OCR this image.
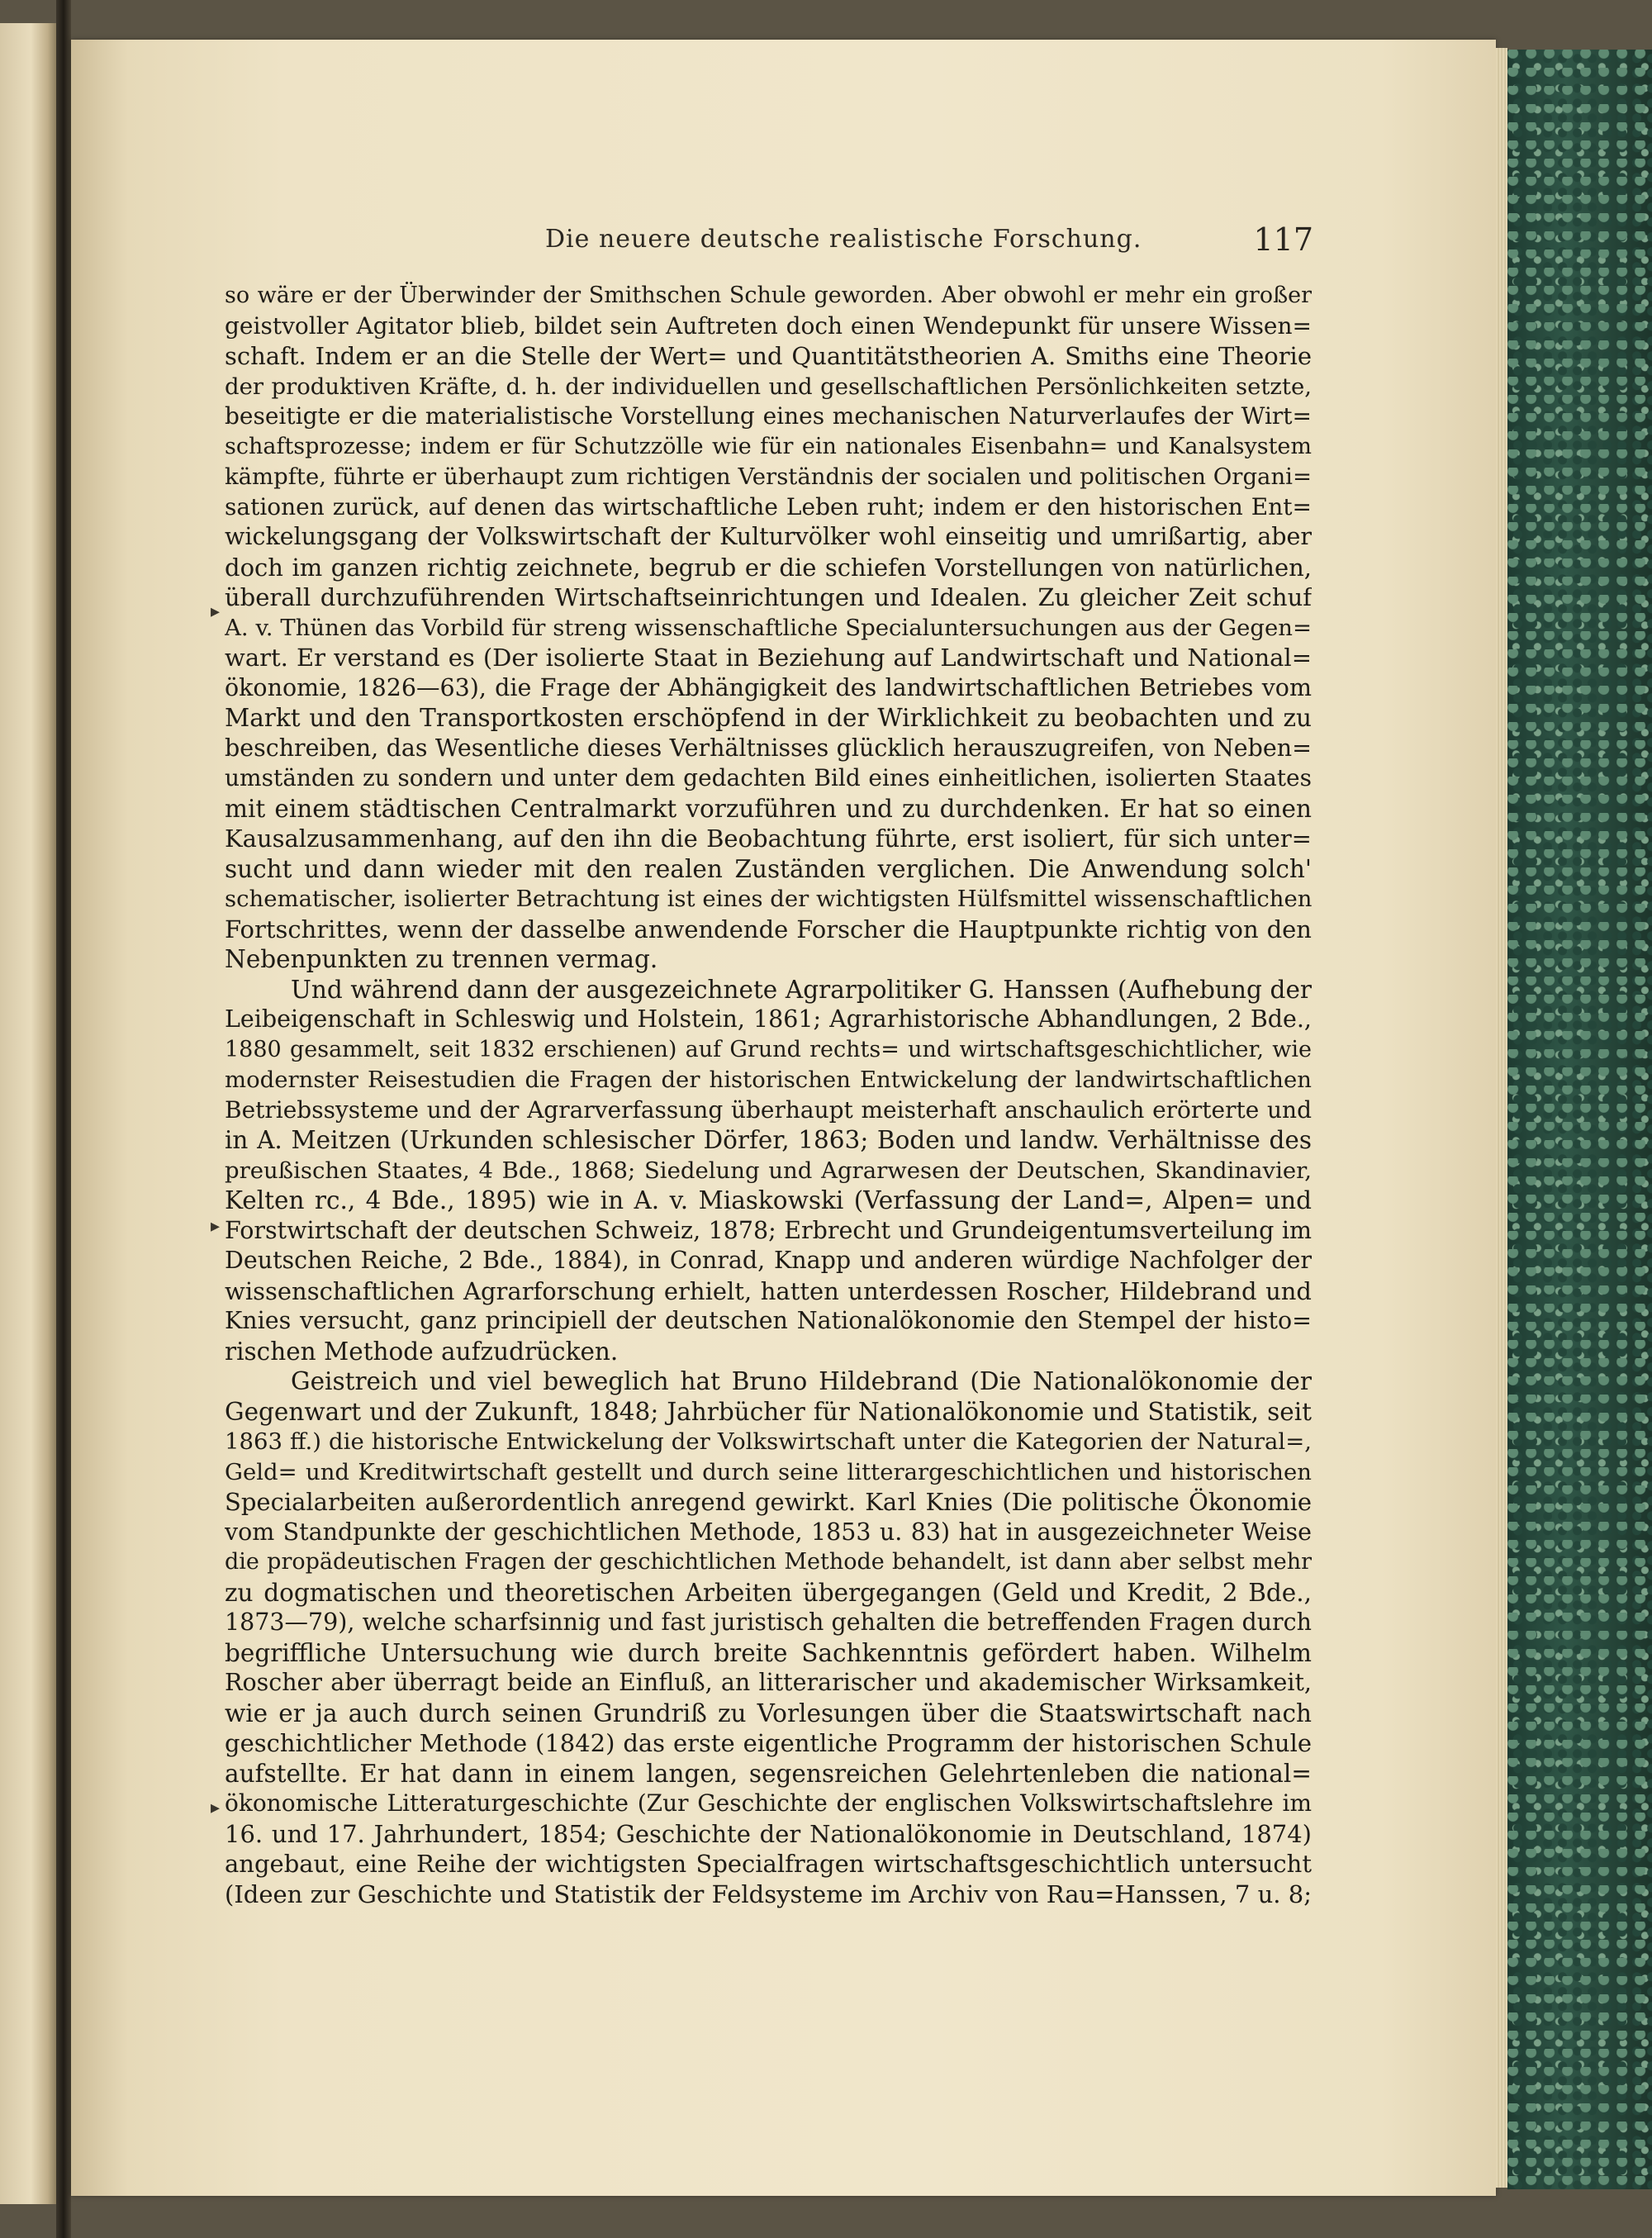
Die neuere deutsche realistische Forschung.	117
▸
▸
▸
so wäre er der Überwinder der Smithschen Schule geworden. Aber obwohl er mehr ein großer
geistvoller Agitator blieb, bildet sein Auftreten doch einen Wendepunkt für unsere Wissen=
schaft. Indem er an die Stelle der Wert= und Quantitätstheorien A. Smiths eine Theorie
der produktiven Kräfte, d. h. der individuellen und gesellschaftlichen Persönlichkeiten setzte,
beseitigte er die materialistische Vorstellung eines mechanischen Naturverlaufes der Wirt=
schaftsprozesse; indem er für Schutzzölle wie für ein nationales Eisenbahn= und Kanalsystem
kämpfte, führte er überhaupt zum richtigen Verständnis der socialen und politischen Organi=
sationen zurück, auf denen das wirtschaftliche Leben ruht; indem er den historischen Ent=
wickelungsgang der Volkswirtschaft der Kulturvölker wohl einseitig und umrißartig, aber
doch im ganzen richtig zeichnete, begrub er die schiefen Vorstellungen von natürlichen,
überall durchzuführenden Wirtschaftseinrichtungen und Idealen. Zu gleicher Zeit schuf
A. v. Thünen das Vorbild für streng wissenschaftliche Specialuntersuchungen aus der Gegen=
wart. Er verstand es (Der isolierte Staat in Beziehung auf Landwirtschaft und National=
ökonomie, 1826—63), die Frage der Abhängigkeit des landwirtschaftlichen Betriebes vom
Markt und den Transportkosten erschöpfend in der Wirklichkeit zu beobachten und zu
beschreiben, das Wesentliche dieses Verhältnisses glücklich herauszugreifen, von Neben=
umständen zu sondern und unter dem gedachten Bild eines einheitlichen, isolierten Staates
mit einem städtischen Centralmarkt vorzuführen und zu durchdenken. Er hat so einen
Kausalzusammenhang, auf den ihn die Beobachtung führte, erst isoliert, für sich unter=
sucht und dann wieder mit den realen Zuständen verglichen. Die Anwendung solch'
schematischer, isolierter Betrachtung ist eines der wichtigsten Hülfsmittel wissenschaftlichen
Fortschrittes, wenn der dasselbe anwendende Forscher die Hauptpunkte richtig von den
Nebenpunkten zu trennen vermag.
Und während dann der ausgezeichnete Agrarpolitiker G. Hanssen (Aufhebung der
Leibeigenschaft in Schleswig und Holstein, 1861; Agrarhistorische Abhandlungen, 2 Bde.,
1880 gesammelt, seit 1832 erschienen) auf Grund rechts= und wirtschaftsgeschichtlicher, wie
modernster Reisestudien die Fragen der historischen Entwickelung der landwirtschaftlichen
Betriebssysteme und der Agrarverfassung überhaupt meisterhaft anschaulich erörterte und
in A. Meitzen (Urkunden schlesischer Dörfer, 1863; Boden und landw. Verhältnisse des
preußischen Staates, 4 Bde., 1868; Siedelung und Agrarwesen der Deutschen, Skandinavier,
Kelten rc., 4 Bde., 1895) wie in A. v. Miaskowski (Verfassung der Land=, Alpen= und
Forstwirtschaft der deutschen Schweiz, 1878; Erbrecht und Grundeigentumsverteilung im
Deutschen Reiche, 2 Bde., 1884), in Conrad, Knapp und anderen würdige Nachfolger der
wissenschaftlichen Agrarforschung erhielt, hatten unterdessen Roscher, Hildebrand und
Knies versucht, ganz principiell der deutschen Nationalökonomie den Stempel der histo=
rischen Methode aufzudrücken.
Geistreich und viel beweglich hat Bruno Hildebrand (Die Nationalökonomie der
Gegenwart und der Zukunft, 1848; Jahrbücher für Nationalökonomie und Statistik, seit
1863 ff.) die historische Entwickelung der Volkswirtschaft unter die Kategorien der Natural=,
Geld= und Kreditwirtschaft gestellt und durch seine litterargeschichtlichen und historischen
Specialarbeiten außerordentlich anregend gewirkt. Karl Knies (Die politische Ökonomie
vom Standpunkte der geschichtlichen Methode, 1853 u. 83) hat in ausgezeichneter Weise
die propädeutischen Fragen der geschichtlichen Methode behandelt, ist dann aber selbst mehr
zu dogmatischen und theoretischen Arbeiten übergegangen (Geld und Kredit, 2 Bde.,
1873—79), welche scharfsinnig und fast juristisch gehalten die betreffenden Fragen durch
begriffliche Untersuchung wie durch breite Sachkenntnis gefördert haben. Wilhelm
Roscher aber überragt beide an Einfluß, an litterarischer und akademischer Wirksamkeit,
wie er ja auch durch seinen Grundriß zu Vorlesungen über die Staatswirtschaft nach
geschichtlicher Methode (1842) das erste eigentliche Programm der historischen Schule
aufstellte. Er hat dann in einem langen, segensreichen Gelehrtenleben die national=
ökonomische Litteraturgeschichte (Zur Geschichte der englischen Volkswirtschaftslehre im
16. und 17. Jahrhundert, 1854; Geschichte der Nationalökonomie in Deutschland, 1874)
angebaut, eine Reihe der wichtigsten Specialfragen wirtschaftsgeschichtlich untersucht
(Ideen zur Geschichte und Statistik der Feldsysteme im Archiv von Rau=Hanssen, 7 u. 8;
